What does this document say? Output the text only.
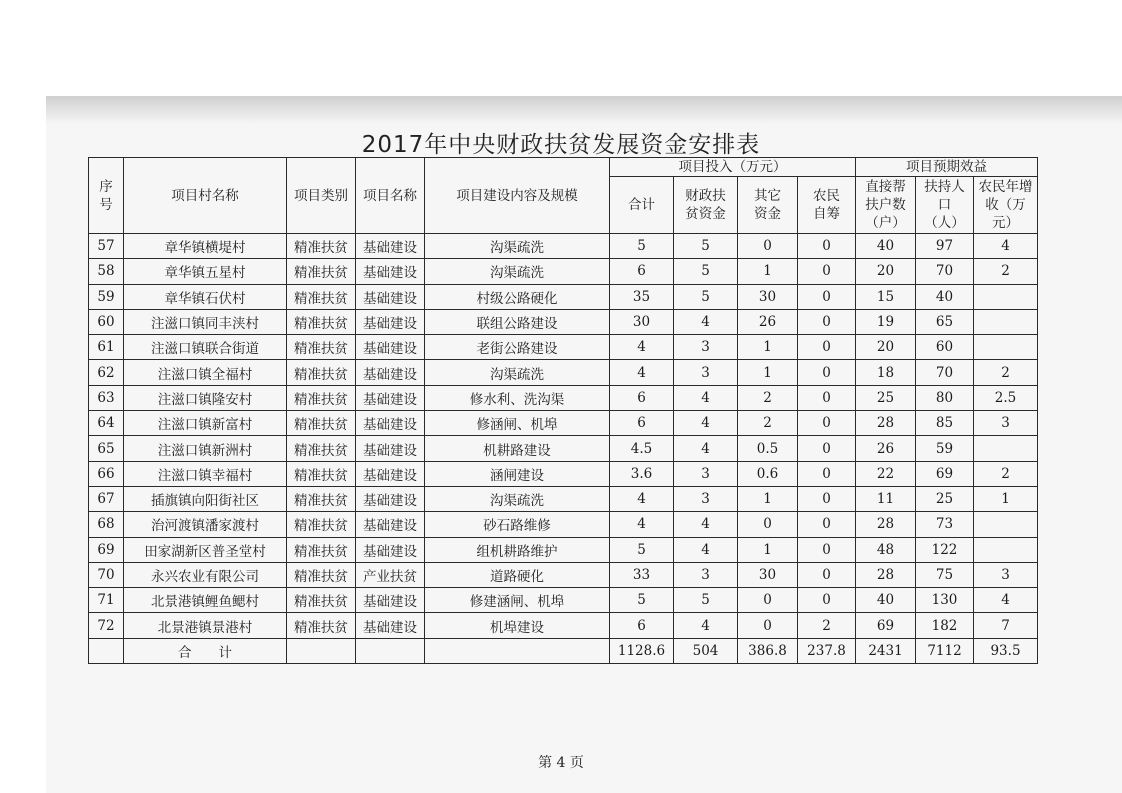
2017年中央财政扶贫发展资金安排表
序号	项目村名称	项目类别	项目名称	项目建设内容及规模	项目投入（万元）				项目预期效益		
					合计	财政扶贫资金	其它资金	农民自筹	直接帮扶户数（户）	扶持人口（人）	农民年增收（万元）
57	章华镇横堤村	精准扶贫	基础建设	沟渠疏洗	5	5	0	0	40	97	4
58	章华镇五星村	精准扶贫	基础建设	沟渠疏洗	6	5	1	0	20	70	2
59	章华镇石伏村	精准扶贫	基础建设	村级公路硬化	35	5	30	0	15	40	
60	注滋口镇同丰浃村	精准扶贫	基础建设	联组公路建设	30	4	26	0	19	65	
61	注滋口镇联合街道	精准扶贫	基础建设	老街公路建设	4	3	1	0	20	60	
62	注滋口镇全福村	精准扶贫	基础建设	沟渠疏洗	4	3	1	0	18	70	2
63	注滋口镇隆安村	精准扶贫	基础建设	修水利、洗沟渠	6	4	2	0	25	80	2.5
64	注滋口镇新富村	精准扶贫	基础建设	修涵闸、机埠	6	4	2	0	28	85	3
65	注滋口镇新洲村	精准扶贫	基础建设	机耕路建设	4.5	4	0.5	0	26	59	
66	注滋口镇幸福村	精准扶贫	基础建设	涵闸建设	3.6	3	0.6	0	22	69	2
67	插旗镇向阳街社区	精准扶贫	基础建设	沟渠疏洗	4	3	1	0	11	25	1
68	治河渡镇潘家渡村	精准扶贫	基础建设	砂石路维修	4	4	0	0	28	73	
69	田家湖新区普圣堂村	精准扶贫	基础建设	组机耕路维护	5	4	1	0	48	122	
70	永兴农业有限公司	精准扶贫	产业扶贫	道路硬化	33	3	30	0	28	75	3
71	北景港镇鲤鱼鳃村	精准扶贫	基础建设	修建涵闸、机埠	5	5	0	0	40	130	4
72	北景港镇景港村	精准扶贫	基础建设	机埠建设	6	4	0	2	69	182	7
	合　　计				1128.6	504	386.8	237.8	2431	7112	93.5
第 4 页
